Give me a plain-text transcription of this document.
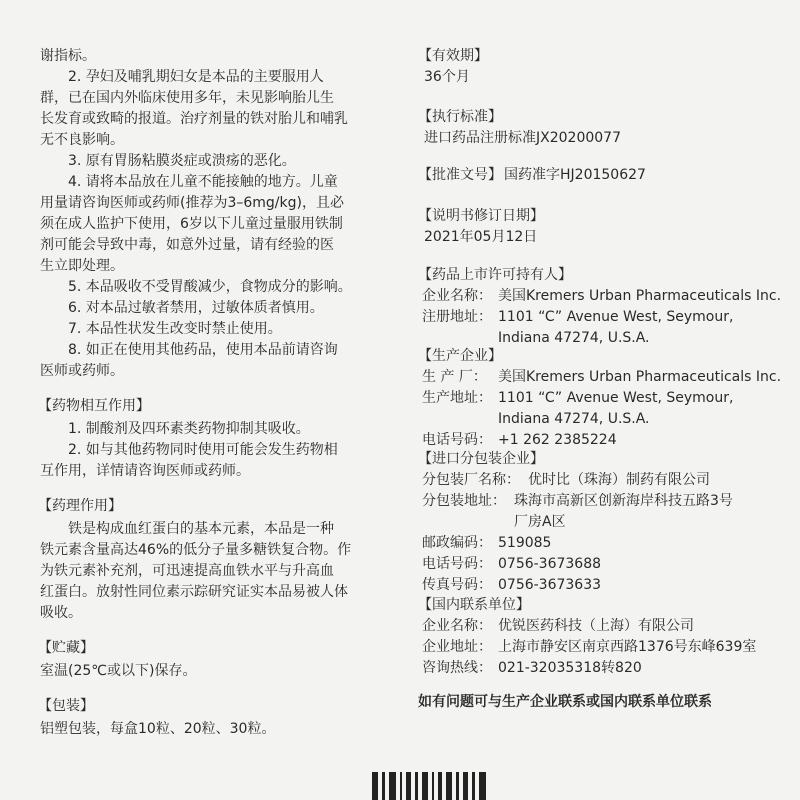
谢指标。
2. 孕妇及哺乳期妇女是本品的主要服用人
群，已在国内外临床使用多年，未见影响胎儿生
长发育或致畸的报道。治疗剂量的铁对胎儿和哺乳
无不良影响。
3. 原有胃肠粘膜炎症或溃疡的恶化。
4. 请将本品放在儿童不能接触的地方。儿童
用量请咨询医师或药师(推荐为3–6mg/kg)，且必
须在成人监护下使用，6岁以下儿童过量服用铁制
剂可能会导致中毒，如意外过量，请有经验的医
生立即处理。
5. 本品吸收不受胃酸减少，食物成分的影响。
6. 对本品过敏者禁用，过敏体质者慎用。
7. 本品性状发生改变时禁止使用。
8. 如正在使用其他药品，使用本品前请咨询
医师或药师。
【药物相互作用】
1. 制酸剂及四环素类药物抑制其吸收。
2. 如与其他药物同时使用可能会发生药物相
互作用，详情请咨询医师或药师。
【药理作用】
铁是构成血红蛋白的基本元素，本品是一种
铁元素含量高达46%的低分子量多糖铁复合物。作
为铁元素补充剂，可迅速提高血铁水平与升高血
红蛋白。放射性同位素示踪研究证实本品易被人体
吸收。
【贮藏】
室温(25℃或以下)保存。
【包装】
铝塑包装，每盒10粒、20粒、30粒。
【有效期】
36个月
【执行标准】
进口药品注册标准JX20200077
【批准文号】 国药准字HJ20150627
【说明书修订日期】
2021年05月12日
【药品上市许可持有人】
企业名称： 美国Kremers Urban Pharmaceuticals Inc.
注册地址： 1101 “C” Avenue West, Seymour,
Indiana 47274, U.S.A.
【生产企业】
生 产 厂： 美国Kremers Urban Pharmaceuticals Inc.
生产地址： 1101 “C” Avenue West, Seymour,
Indiana 47274, U.S.A.
电话号码： +1 262 2385224
【进口分包装企业】
分包装厂名称： 优时比（珠海）制药有限公司
分包装地址： 珠海市高新区创新海岸科技五路3号
厂房A区
邮政编码： 519085
电话号码： 0756-3673688
传真号码： 0756-3673633
【国内联系单位】
企业名称： 优锐医药科技（上海）有限公司
企业地址： 上海市静安区南京西路1376号东峰639室
咨询热线： 021-32035318转820
如有问题可与生产企业联系或国内联系单位联系
